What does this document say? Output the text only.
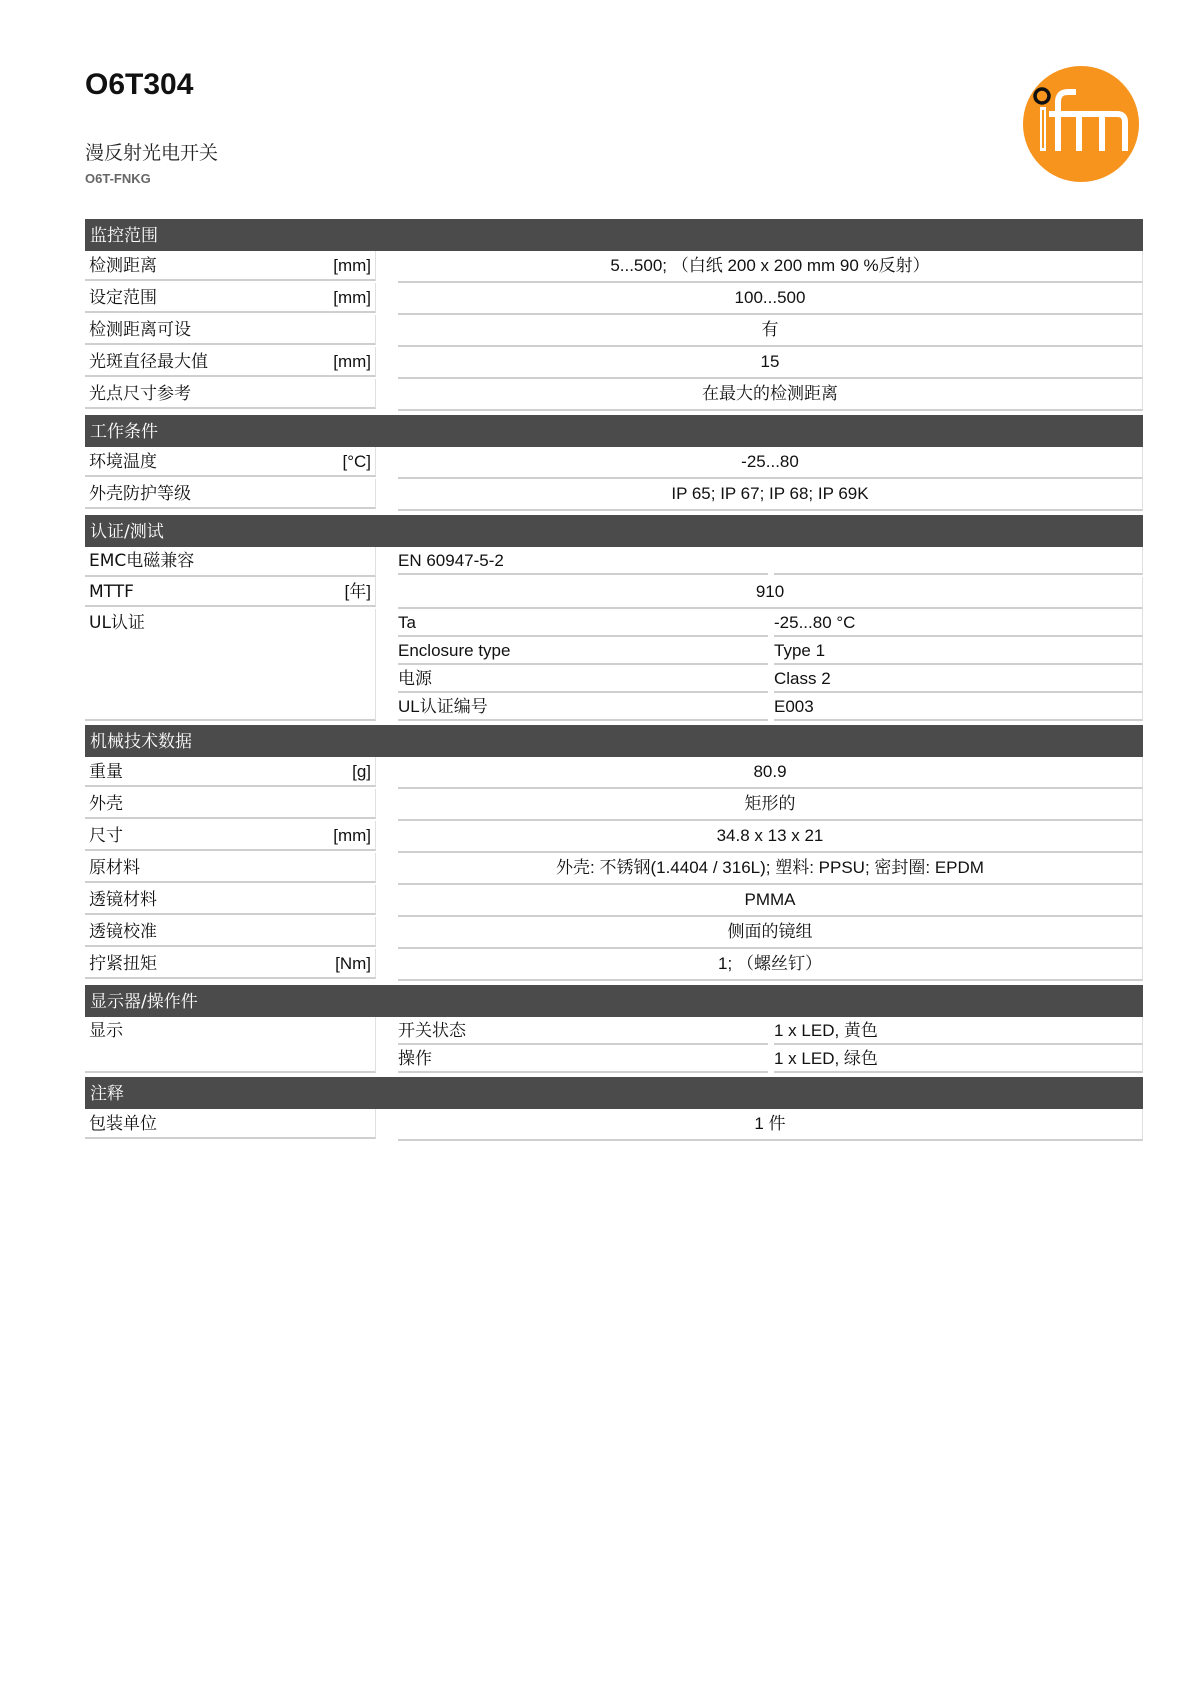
O6T304
漫反射光电开关
O6T-FNKG
监控范围
检测距离	[mm]	5...500; （白纸 200 x 200 mm 90 %反射）
设定范围	[mm]	100...500
检测距离可设	有
光斑直径最大值	[mm]	15
光点尺寸参考	在最大的检测距离
工作条件
环境温度	[°C]	-25...80
外壳防护等级	IP 65; IP 67; IP 68; IP 69K
认证/测试
EMC电磁兼容	EN 60947-5-2
MTTF	[年]	910
UL认证	Ta	-25...80 °C
Enclosure type	Type 1
电源	Class 2
UL认证编号	E003
机械技术数据
重量	[g]	80.9
外壳	矩形的
尺寸	[mm]	34.8 x 13 x 21
原材料	外壳: 不锈钢(1.4404 / 316L); 塑料: PPSU; 密封圈: EPDM
透镜材料	PMMA
透镜校准	侧面的镜组
拧紧扭矩	[Nm]	1; （螺丝钉）
显示器/操作件
显示	开关状态	1 x LED, 黄色
操作	1 x LED, 绿色
注释
包装单位	1 件
